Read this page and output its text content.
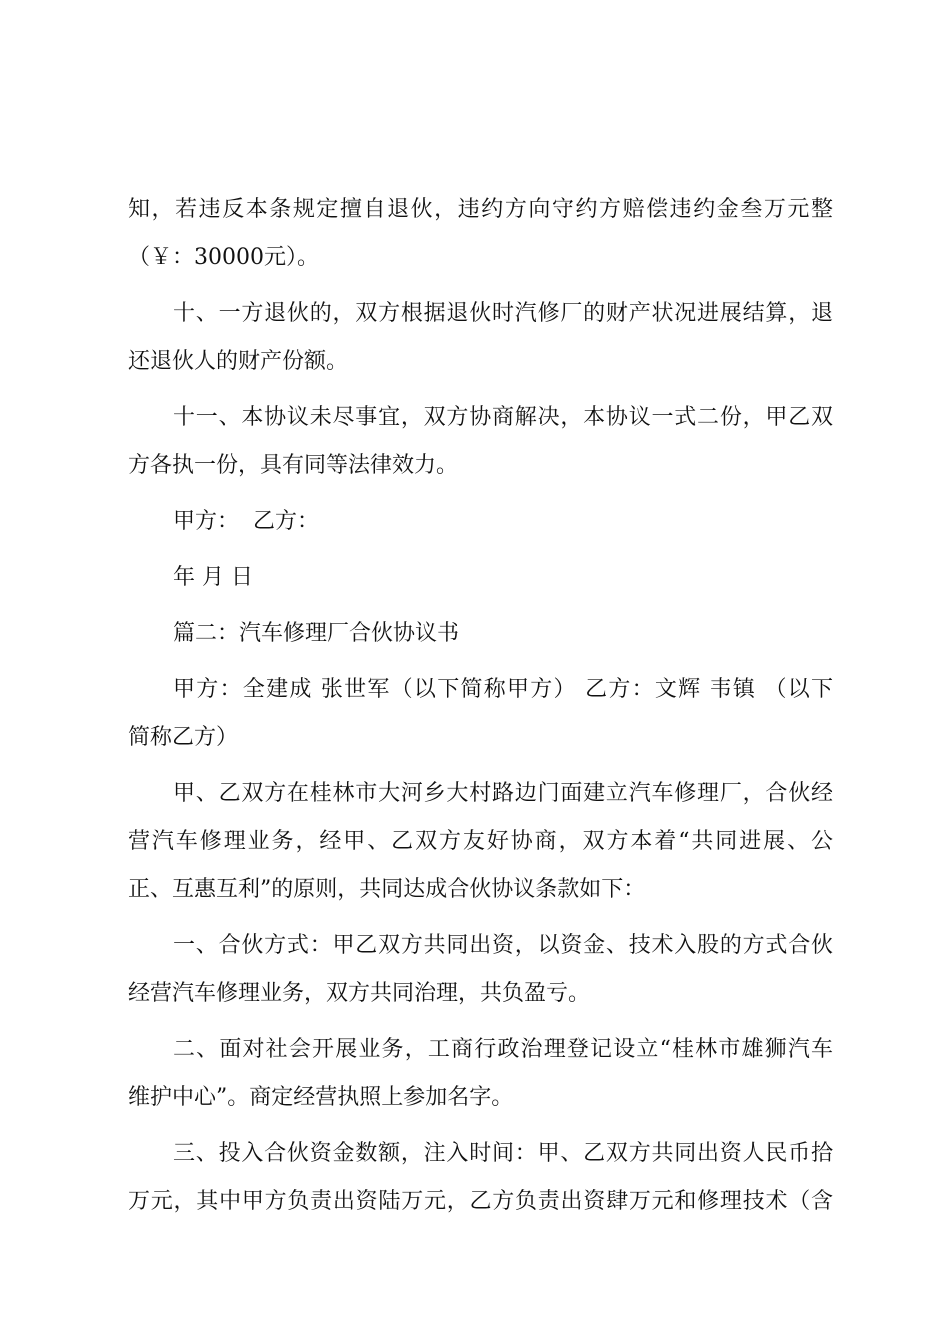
知，若违反本条规定擅自退伙，违约方向守约方赔偿违约金叁万元整
（￥：30000元）。
十、一方退伙的，双方根据退伙时汽修厂的财产状况进展结算，退
还退伙人的财产份额。
十一、本协议未尽事宜，双方协商解决，本协议一式二份，甲乙双
方各执一份，具有同等法律效力。
甲方：  乙方：
年 月 日
篇二：汽车修理厂合伙协议书
甲方：全建成 张世军（以下简称甲方） 乙方：文辉 韦镇 （以下
简称乙方）
甲、乙双方在桂林市大河乡大村路边门面建立汽车修理厂，合伙经
营汽车修理业务，经甲、乙双方友好协商，双方本着“共同进展、公
正、互惠互利”的原则，共同达成合伙协议条款如下：
一、合伙方式：甲乙双方共同出资，以资金、技术入股的方式合伙
经营汽车修理业务，双方共同治理，共负盈亏。
二、面对社会开展业务，工商行政治理登记设立“桂林市雄狮汽车
维护中心”。商定经营执照上参加名字。
三、投入合伙资金数额，注入时间：甲、乙双方共同出资人民币拾
万元，其中甲方负责出资陆万元，乙方负责出资肆万元和修理技术（含
